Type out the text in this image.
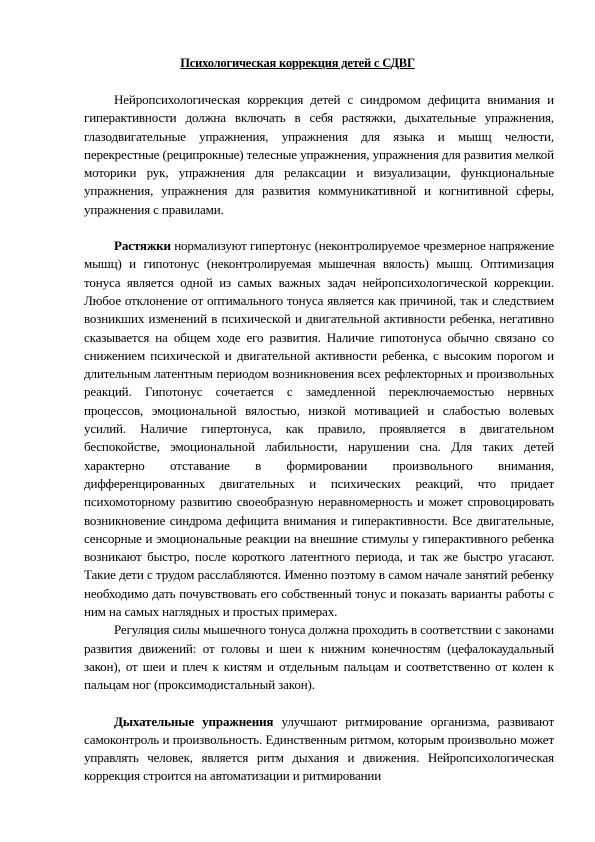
Психологическая коррекция детей с СДВГ

Нейропсихологическая коррекция детей с синдромом дефицита внимания и гиперактивности должна включать в себя растяжки, дыхательные упражнения, глазодвигательные упражнения, упражнения для языка и мышц челюсти, перекрестные (реципрокные) телесные упражнения, упражнения для развития мелкой моторики рук, упражнения для релаксации и визуализации, функциональные упражнения, упражнения для развития коммуникативной и когнитивной сферы, упражнения с правилами.

Растяжки нормализуют гипертонус (неконтролируемое чрезмерное напряжение мышц) и гипотонус (неконтролируемая мышечная вялость) мышц. Оптимизация тонуса является одной из самых важных задач нейропсихологической коррекции. Любое отклонение от оптимального тонуса является как причиной, так и следствием возникших изменений в психической и двигательной активности ребенка, негативно сказывается на общем ходе его развития. Наличие гипотонуса обычно связано со снижением психической и двигательной активности ребенка, с высоким порогом и длительным латентным периодом возникновения всех рефлекторных и произвольных реакций. Гипотонус сочетается с замедленной переключаемостью нервных процессов, эмоциональной вялостью, низкой мотивацией и слабостью волевых усилий. Наличие гипертонуса, как правило, проявляется в двигательном беспокойстве, эмоциональной лабильности, нарушении сна. Для таких детей характерно отставание в формировании произвольного внимания, дифференцированных двигательных и психических реакций, что придает психомоторному развитию своеобразную неравномерность и может спровоцировать возникновение синдрома дефицита внимания и гиперактивности. Все двигательные, сенсорные и эмоциональные реакции на внешние стимулы у гиперактивного ребенка возникают быстро, после короткого латентного периода, и так же быстро угасают. Такие дети с трудом расслабляются. Именно поэтому в самом начале занятий ребенку необходимо дать почувствовать его собственный тонус и показать варианты работы с ним на самых наглядных и простых примерах.

Регуляция силы мышечного тонуса должна проходить в соответствии с законами развития движений: от головы и шеи к нижним конечностям (цефалокаудальный закон), от шеи и плеч к кистям и отдельным пальцам и соответственно от колен к пальцам ног (проксимодистальный закон).

Дыхательные упражнения улучшают ритмирование организма, развивают самоконтроль и произвольность. Единственным ритмом, которым произвольно может управлять человек, является ритм дыхания и движения. Нейропсихологическая коррекция строится на автоматизации и ритмировании
